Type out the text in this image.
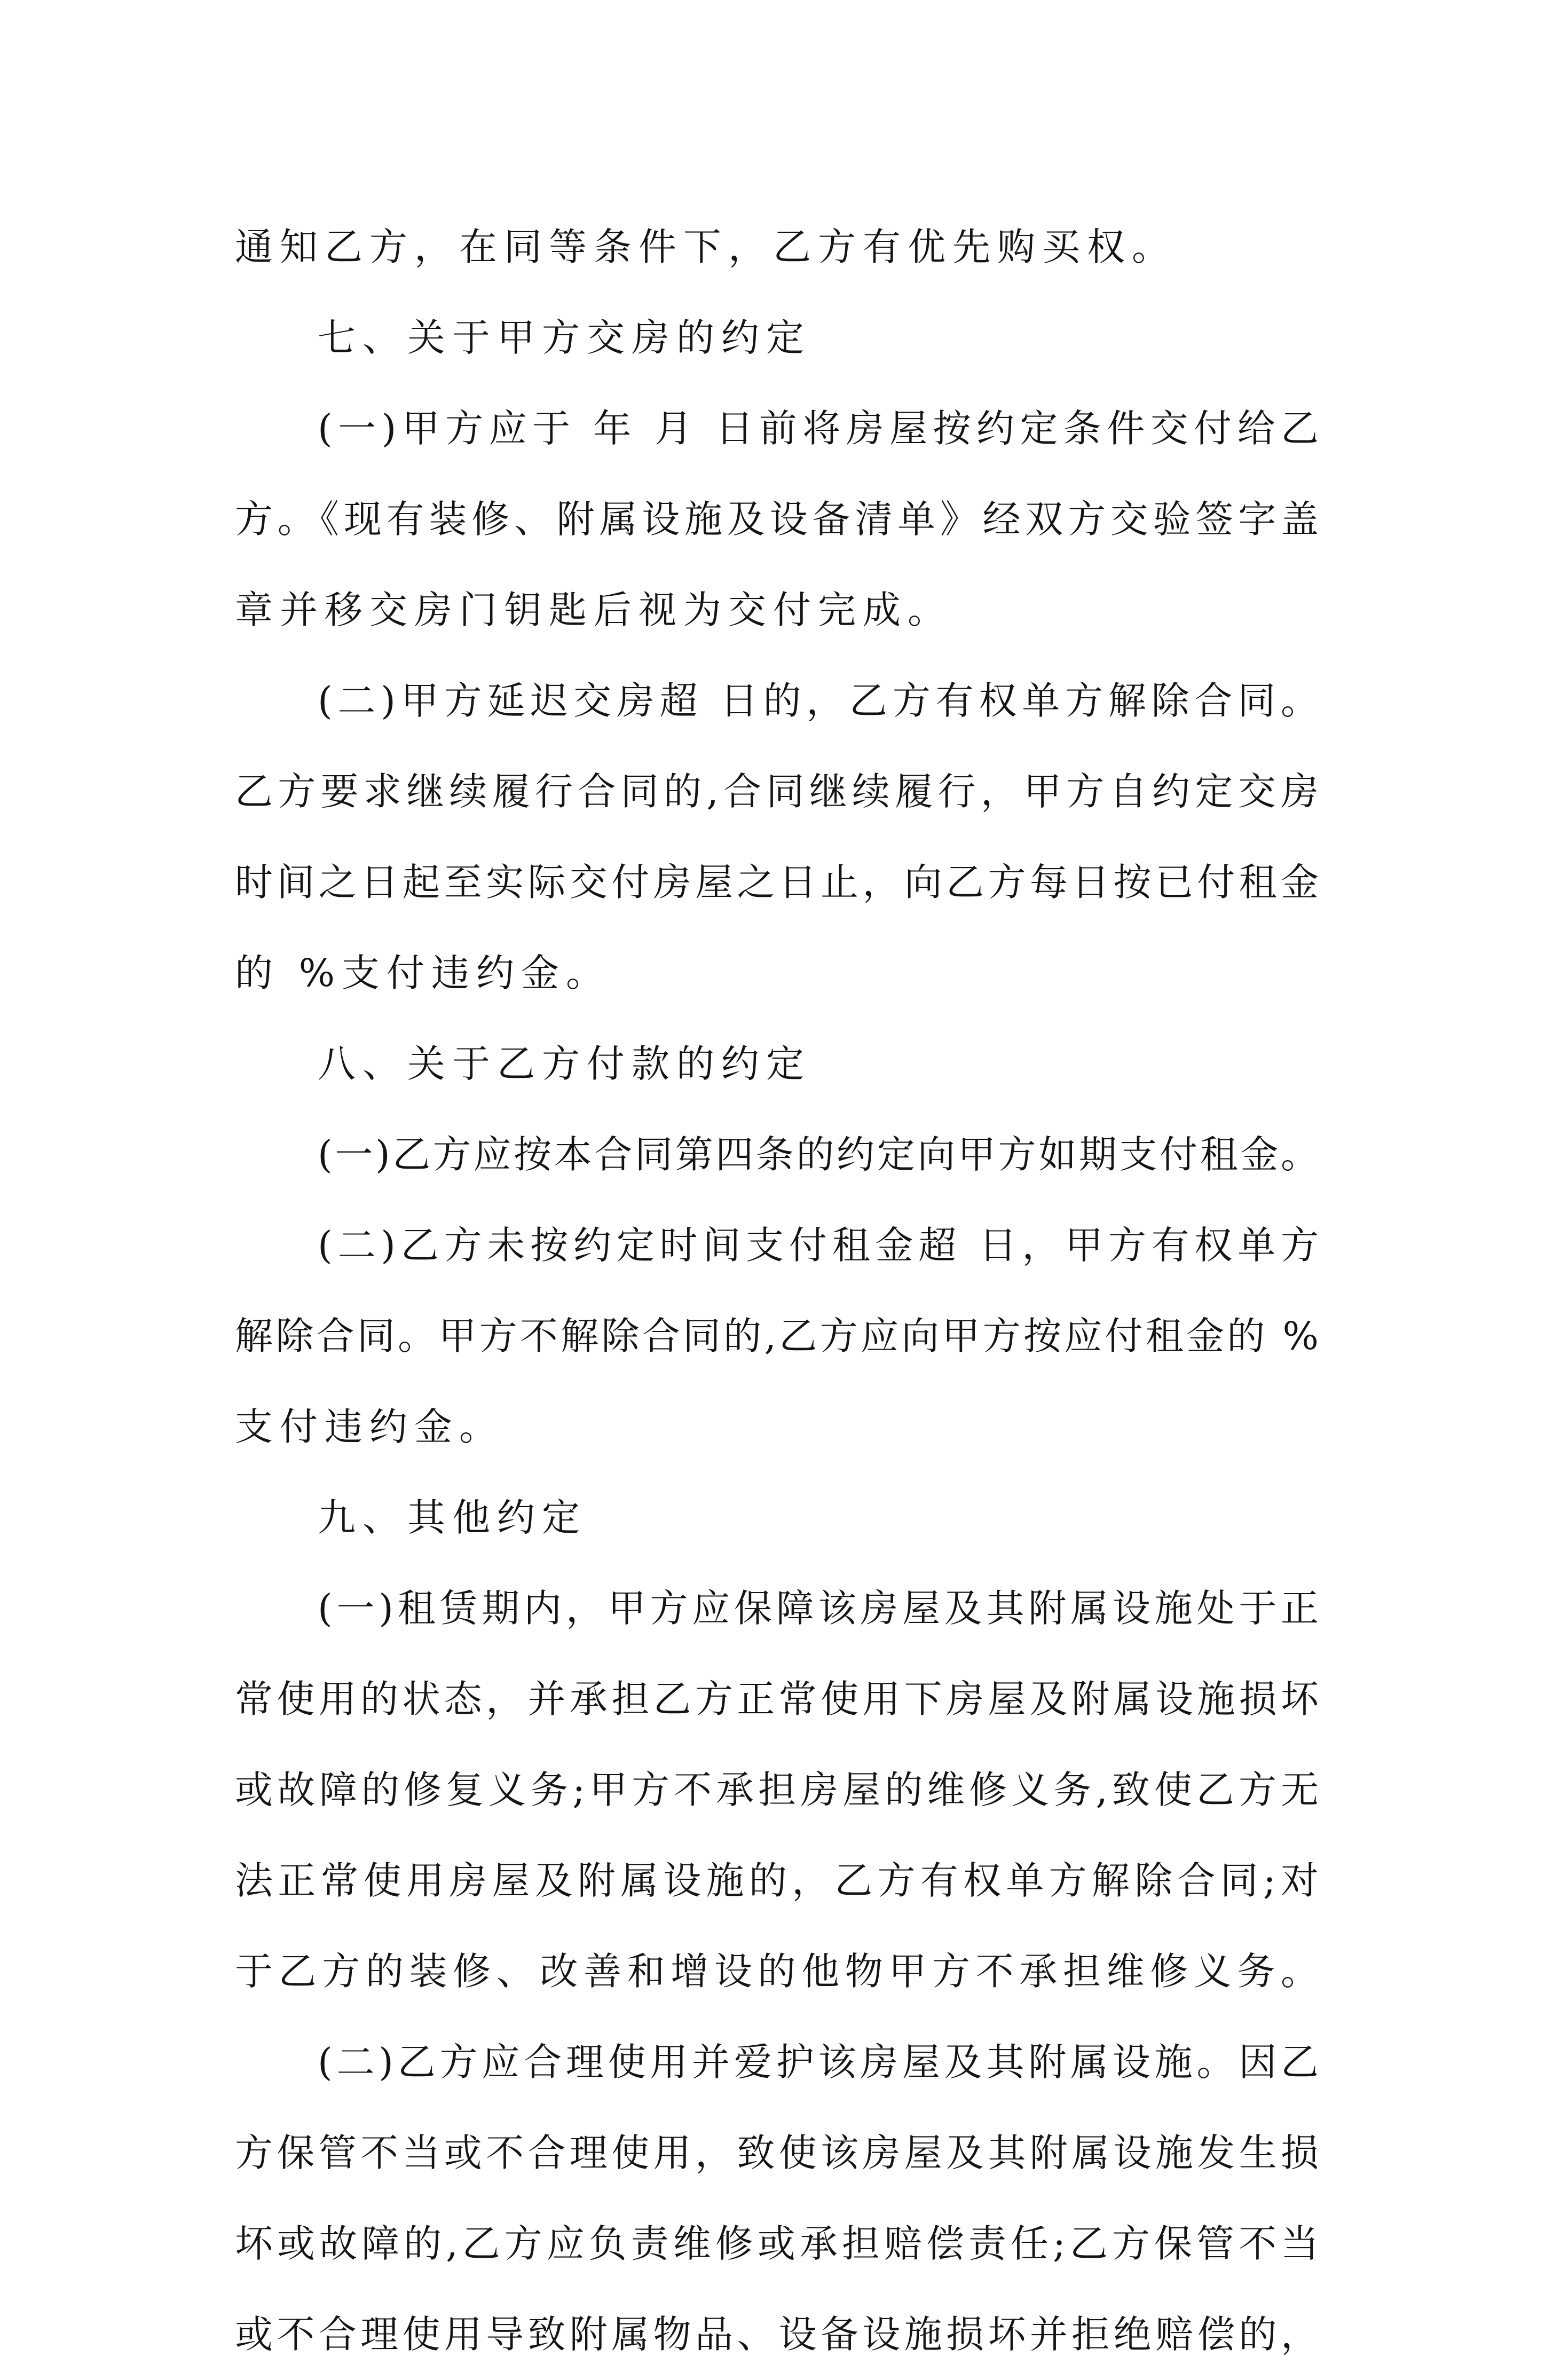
通知乙方，在同等条件下，乙方有优先购买权。
七、关于甲方交房的约定
(一)甲方应于 年 月 日前将房屋按约定条件交付给乙
方。《现有装修、附属设施及设备清单》经双方交验签字盖
章并移交房门钥匙后视为交付完成。
(二)甲方延迟交房超 日的，乙方有权单方解除合同。
乙方要求继续履行合同的,合同继续履行，甲方自约定交房
时间之日起至实际交付房屋之日止，向乙方每日按已付租金
的 %支付违约金。
八、关于乙方付款的约定
(一)乙方应按本合同第四条的约定向甲方如期支付租金。
(二)乙方未按约定时间支付租金超 日，甲方有权单方
解除合同。甲方不解除合同的,乙方应向甲方按应付租金的 %
支付违约金。
九、其他约定
(一)租赁期内，甲方应保障该房屋及其附属设施处于正
常使用的状态，并承担乙方正常使用下房屋及附属设施损坏
或故障的修复义务;甲方不承担房屋的维修义务,致使乙方无
法正常使用房屋及附属设施的，乙方有权单方解除合同;对
于乙方的装修、改善和增设的他物甲方不承担维修义务。
(二)乙方应合理使用并爱护该房屋及其附属设施。因乙
方保管不当或不合理使用，致使该房屋及其附属设施发生损
坏或故障的,乙方应负责维修或承担赔偿责任;乙方保管不当
或不合理使用导致附属物品、设备设施损坏并拒绝赔偿的，
